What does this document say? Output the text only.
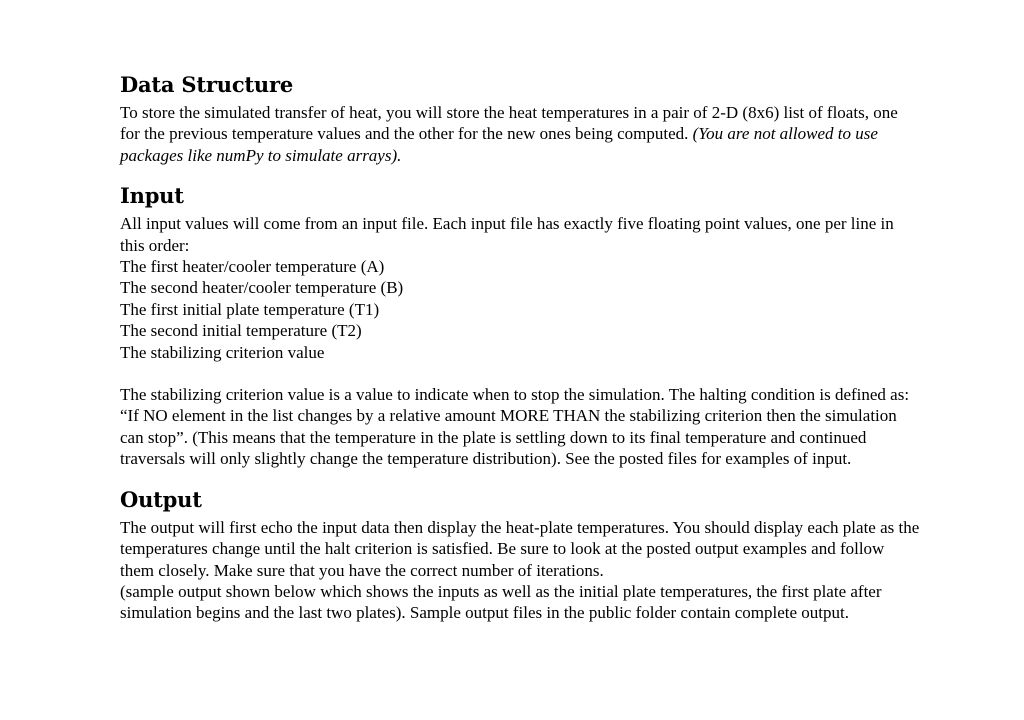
Data Structure

To store the simulated transfer of heat, you will store the heat temperatures in a pair of 2-D (8x6) list of floats, one for the previous temperature values and the other for the new ones being computed. (You are not allowed to use packages like numPy to simulate arrays).

Input

All input values will come from an input file. Each input file has exactly five floating point values, one per line in this order:

The first heater/cooler temperature (A)
The second heater/cooler temperature (B)
The first initial plate temperature (T1)
The second initial temperature (T2)
The stabilizing criterion value

The stabilizing criterion value is a value to indicate when to stop the simulation. The halting condition is defined as: “If NO element in the list changes by a relative amount MORE THAN the stabilizing criterion then the simulation can stop”. (This means that the temperature in the plate is settling down to its final temperature and continued traversals will only slightly change the temperature distribution). See the posted files for examples of input.

Output

The output will first echo the input data then display the heat-plate temperatures. You should display each plate as the temperatures change until the halt criterion is satisfied. Be sure to look at the posted output examples and follow them closely. Make sure that you have the correct number of iterations.
(sample output shown below which shows the inputs as well as the initial plate temperatures, the first plate after simulation begins and the last two plates). Sample output files in the public folder contain complete output.
